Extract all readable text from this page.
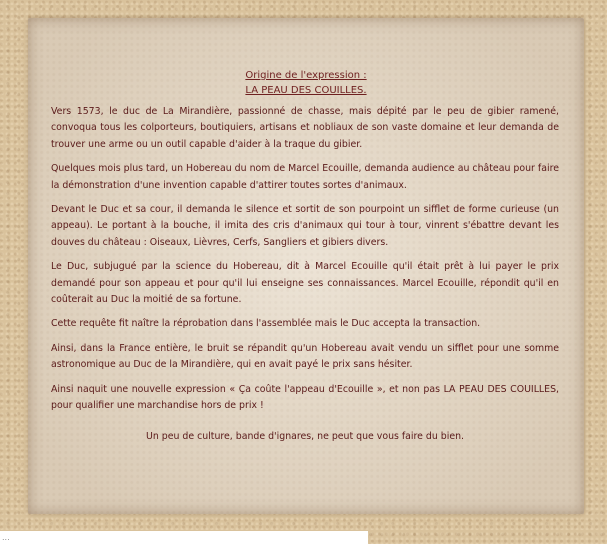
Origine de l'expression :
LA PEAU DES COUILLES.

Vers 1573, le duc de La Mirandière, passionné de chasse, mais dépité par le peu de gibier ramené, convoqua tous les colporteurs, boutiquiers, artisans et nobliaux de son vaste domaine et leur demanda de trouver une arme ou un outil capable d'aider à la traque du gibier.

Quelques mois plus tard, un Hobereau du nom de Marcel Ecouille, demanda audience au château pour faire la démonstration d'une invention capable d'attirer toutes sortes d'animaux.

Devant le Duc et sa cour, il demanda le silence et sortit de son pourpoint un sifflet de forme curieuse (un appeau). Le portant à la bouche, il imita des cris d'animaux qui tour à tour, vinrent s'ébattre devant les douves du château : Oiseaux, Lièvres, Cerfs, Sangliers et gibiers divers.

Le Duc, subjugué par la science du Hobereau, dit à Marcel Ecouille qu'il était prêt à lui payer le prix demandé pour son appeau et pour qu'il lui enseigne ses connaissances. Marcel Ecouille, répondit qu'il en coûterait au Duc la moitié de sa fortune.

Cette requête fit naître la réprobation dans l'assemblée mais le Duc accepta la transaction.

Ainsi, dans la France entière, le bruit se répandit qu'un Hobereau avait vendu un sifflet pour une somme astronomique au Duc de la Mirandière, qui en avait payé le prix sans hésiter.

Ainsi naquit une nouvelle expression « Ça coûte l'appeau d'Ecouille », et non pas LA PEAU DES COUILLES, pour qualifier une marchandise hors de prix !

Un peu de culture, bande d'ignares, ne peut que vous faire du bien.

...
